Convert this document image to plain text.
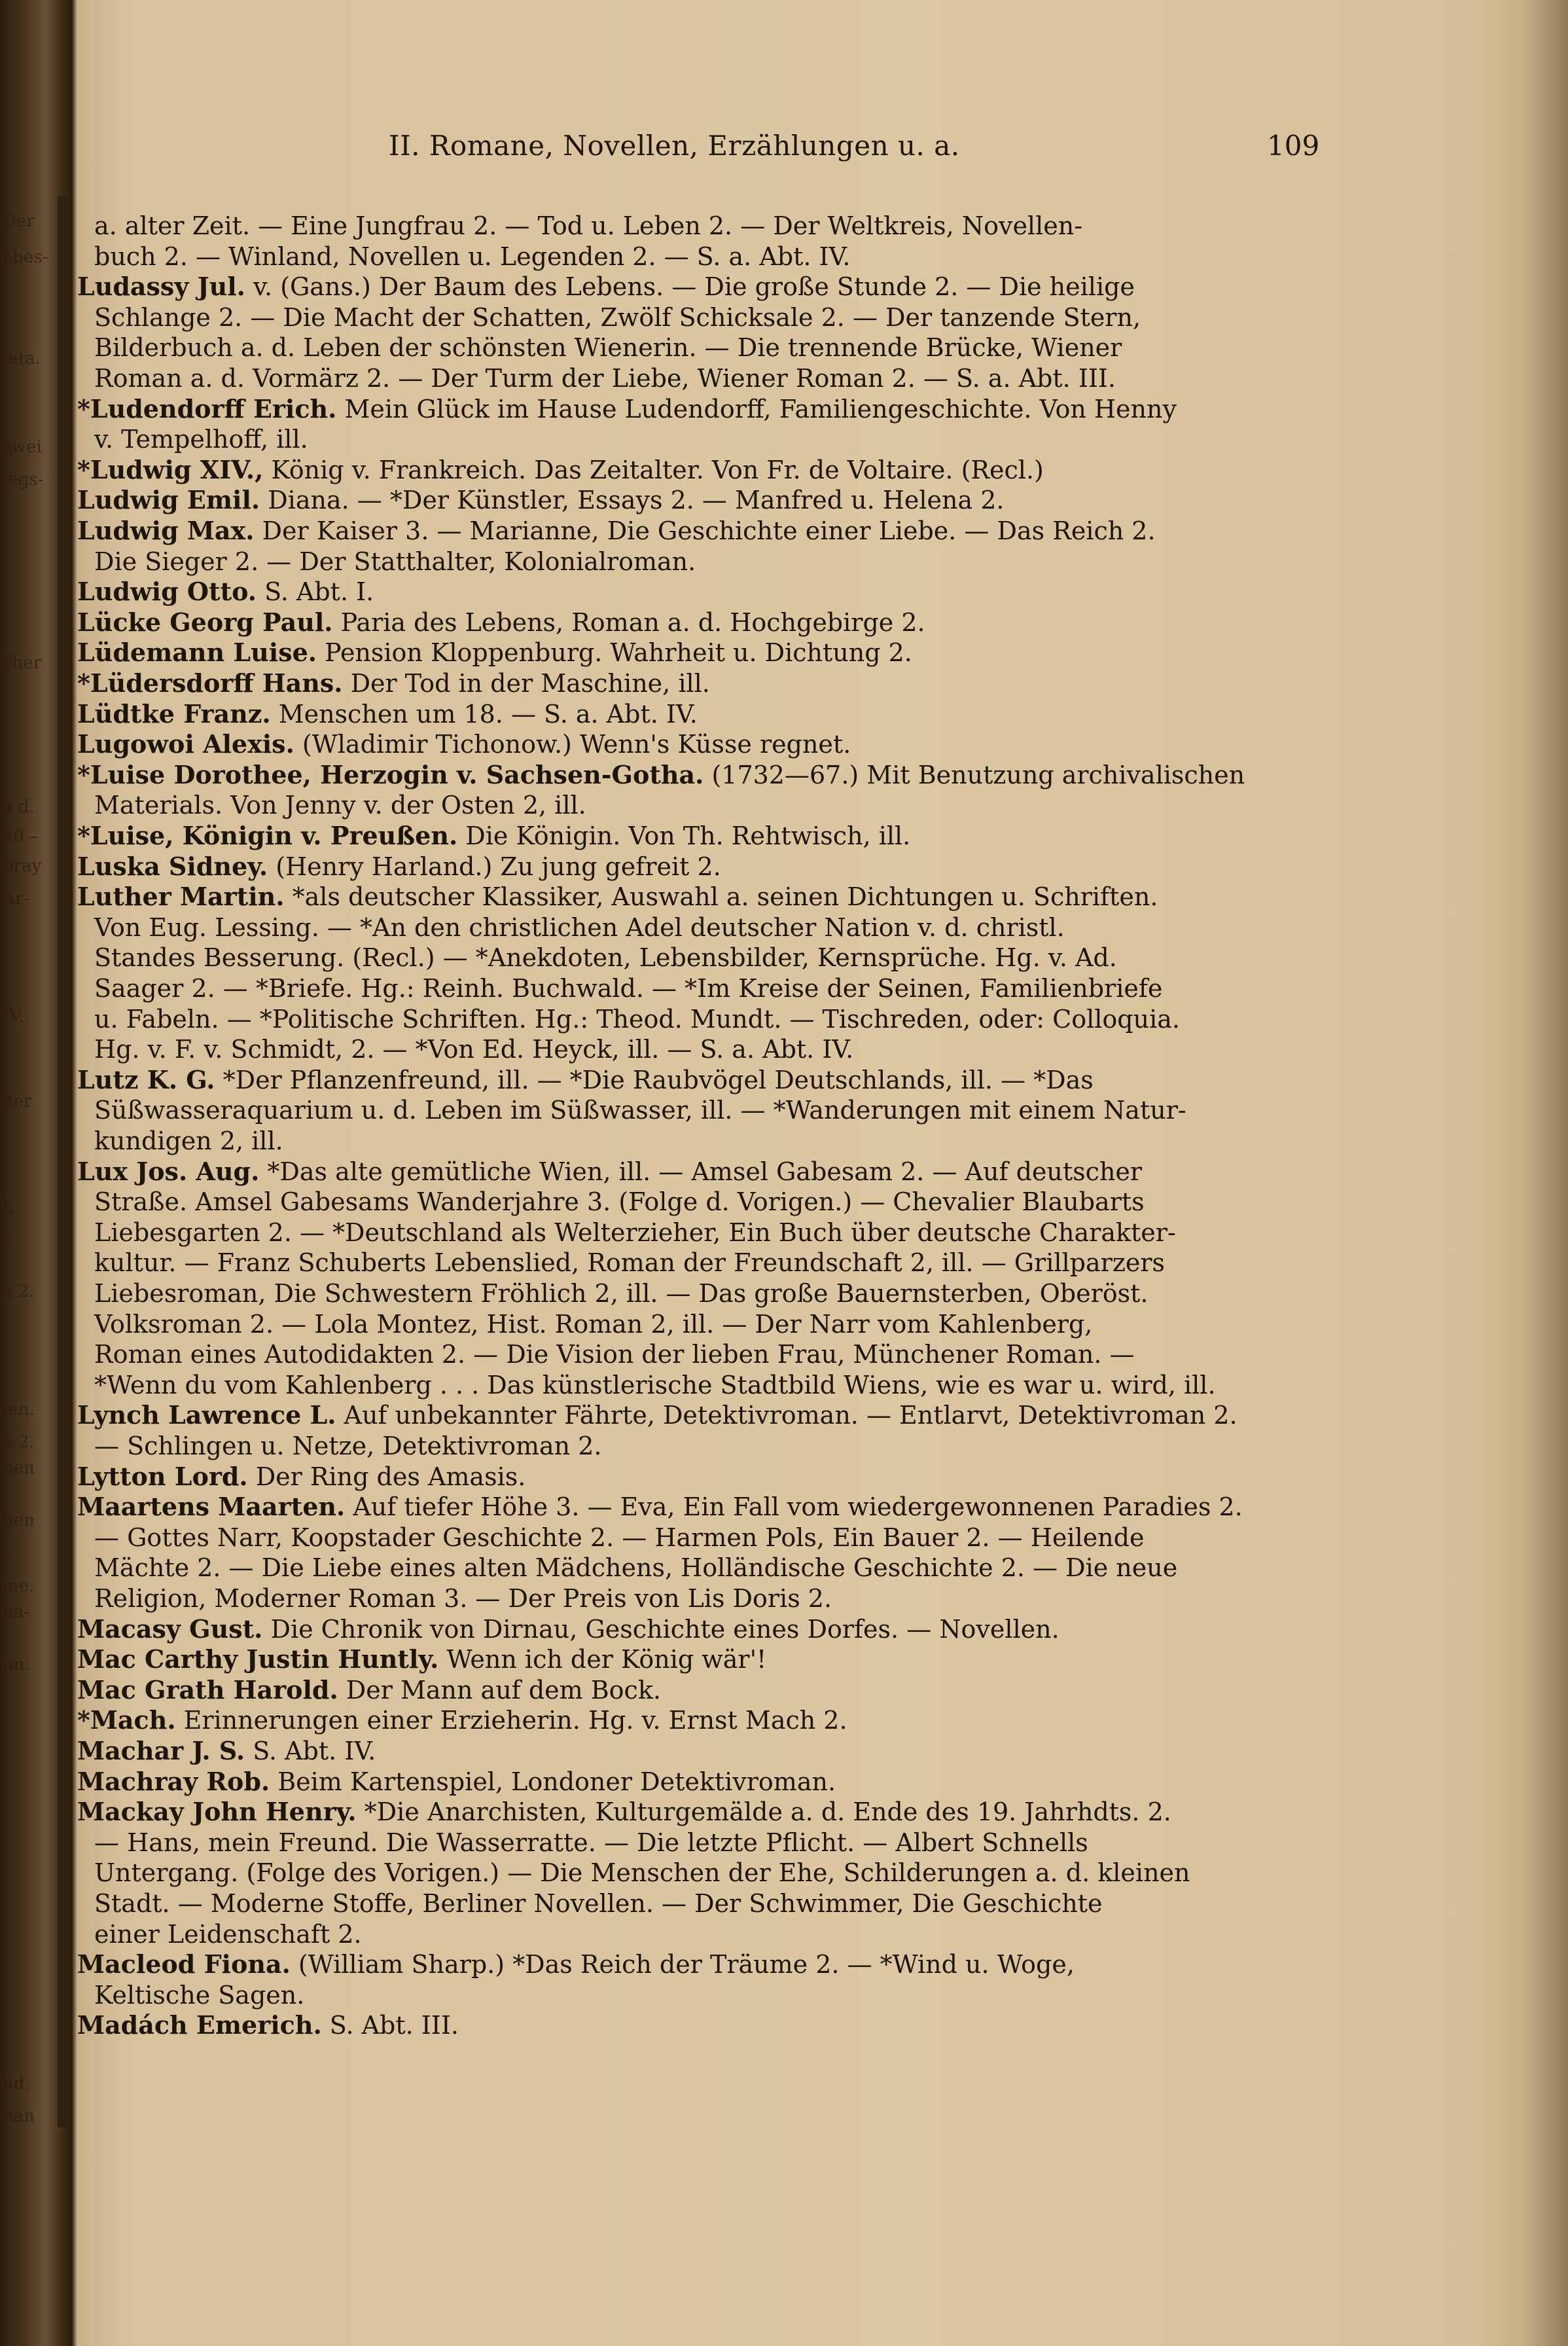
Der
ebes-
ieta.
zwei
iegs-
cher
a d.
40 –
pray
Ar-
IV.
der
l.
–
a 2.
ien.
a 2.
ben
hen
–
me.
na-
nn.
nd.
nan
II. Romane, Novellen, Erzählungen u. a.	109
a. alter Zeit. — Eine Jungfrau 2. — Tod u. Leben 2. — Der Weltkreis, Novellen-
buch 2. — Winland, Novellen u. Legenden 2. — S. a. Abt. IV.
Ludassy Jul. v. (Gans.) Der Baum des Lebens. — Die große Stunde 2. — Die heilige
Schlange 2. — Die Macht der Schatten, Zwölf Schicksale 2. — Der tanzende Stern,
Bilderbuch a. d. Leben der schönsten Wienerin. — Die trennende Brücke, Wiener
Roman a. d. Vormärz 2. — Der Turm der Liebe, Wiener Roman 2. — S. a. Abt. III.
*Ludendorff Erich. Mein Glück im Hause Ludendorff, Familiengeschichte. Von Henny
v. Tempelhoff, ill.
*Ludwig XIV., König v. Frankreich. Das Zeitalter. Von Fr. de Voltaire. (Recl.)
Ludwig Emil. Diana. — *Der Künstler, Essays 2. — Manfred u. Helena 2.
Ludwig Max. Der Kaiser 3. — Marianne, Die Geschichte einer Liebe. — Das Reich 2.
Die Sieger 2. — Der Statthalter, Kolonialroman.
Ludwig Otto. S. Abt. I.
Lücke Georg Paul. Paria des Lebens, Roman a. d. Hochgebirge 2.
Lüdemann Luise. Pension Kloppenburg. Wahrheit u. Dichtung 2.
*Lüdersdorff Hans. Der Tod in der Maschine, ill.
Lüdtke Franz. Menschen um 18. — S. a. Abt. IV.
Lugowoi Alexis. (Wladimir Tichonow.) Wenn's Küsse regnet.
*Luise Dorothee, Herzogin v. Sachsen-Gotha. (1732—67.) Mit Benutzung archivalischen
Materials. Von Jenny v. der Osten 2, ill.
*Luise, Königin v. Preußen. Die Königin. Von Th. Rehtwisch, ill.
Luska Sidney. (Henry Harland.) Zu jung gefreit 2.
Luther Martin. *als deutscher Klassiker, Auswahl a. seinen Dichtungen u. Schriften.
Von Eug. Lessing. — *An den christlichen Adel deutscher Nation v. d. christl.
Standes Besserung. (Recl.) — *Anekdoten, Lebensbilder, Kernsprüche. Hg. v. Ad.
Saager 2. — *Briefe. Hg.: Reinh. Buchwald. — *Im Kreise der Seinen, Familienbriefe
u. Fabeln. — *Politische Schriften. Hg.: Theod. Mundt. — Tischreden, oder: Colloquia.
Hg. v. F. v. Schmidt, 2. — *Von Ed. Heyck, ill. — S. a. Abt. IV.
Lutz K. G. *Der Pflanzenfreund, ill. — *Die Raubvögel Deutschlands, ill. — *Das
Süßwasseraquarium u. d. Leben im Süßwasser, ill. — *Wanderungen mit einem Natur-
kundigen 2, ill.
Lux Jos. Aug. *Das alte gemütliche Wien, ill. — Amsel Gabesam 2. — Auf deutscher
Straße. Amsel Gabesams Wanderjahre 3. (Folge d. Vorigen.) — Chevalier Blaubarts
Liebesgarten 2. — *Deutschland als Welterzieher, Ein Buch über deutsche Charakter-
kultur. — Franz Schuberts Lebenslied, Roman der Freundschaft 2, ill. — Grillparzers
Liebesroman, Die Schwestern Fröhlich 2, ill. — Das große Bauernsterben, Oberöst.
Volksroman 2. — Lola Montez, Hist. Roman 2, ill. — Der Narr vom Kahlenberg,
Roman eines Autodidakten 2. — Die Vision der lieben Frau, Münchener Roman. —
*Wenn du vom Kahlenberg . . . Das künstlerische Stadtbild Wiens, wie es war u. wird, ill.
Lynch Lawrence L. Auf unbekannter Fährte, Detektivroman. — Entlarvt, Detektivroman 2.
— Schlingen u. Netze, Detektivroman 2.
Lytton Lord. Der Ring des Amasis.
Maartens Maarten. Auf tiefer Höhe 3. — Eva, Ein Fall vom wiedergewonnenen Paradies 2.
— Gottes Narr, Koopstader Geschichte 2. — Harmen Pols, Ein Bauer 2. — Heilende
Mächte 2. — Die Liebe eines alten Mädchens, Holländische Geschichte 2. — Die neue
Religion, Moderner Roman 3. — Der Preis von Lis Doris 2.
Macasy Gust. Die Chronik von Dirnau, Geschichte eines Dorfes. — Novellen.
Mac Carthy Justin Huntly. Wenn ich der König wär'!
Mac Grath Harold. Der Mann auf dem Bock.
*Mach. Erinnerungen einer Erzieherin. Hg. v. Ernst Mach 2.
Machar J. S. S. Abt. IV.
Machray Rob. Beim Kartenspiel, Londoner Detektivroman.
Mackay John Henry. *Die Anarchisten, Kulturgemälde a. d. Ende des 19. Jahrhdts. 2.
— Hans, mein Freund. Die Wasserratte. — Die letzte Pflicht. — Albert Schnells
Untergang. (Folge des Vorigen.) — Die Menschen der Ehe, Schilderungen a. d. kleinen
Stadt. — Moderne Stoffe, Berliner Novellen. — Der Schwimmer, Die Geschichte
einer Leidenschaft 2.
Macleod Fiona. (William Sharp.) *Das Reich der Träume 2. — *Wind u. Woge,
Keltische Sagen.
Madách Emerich. S. Abt. III.
